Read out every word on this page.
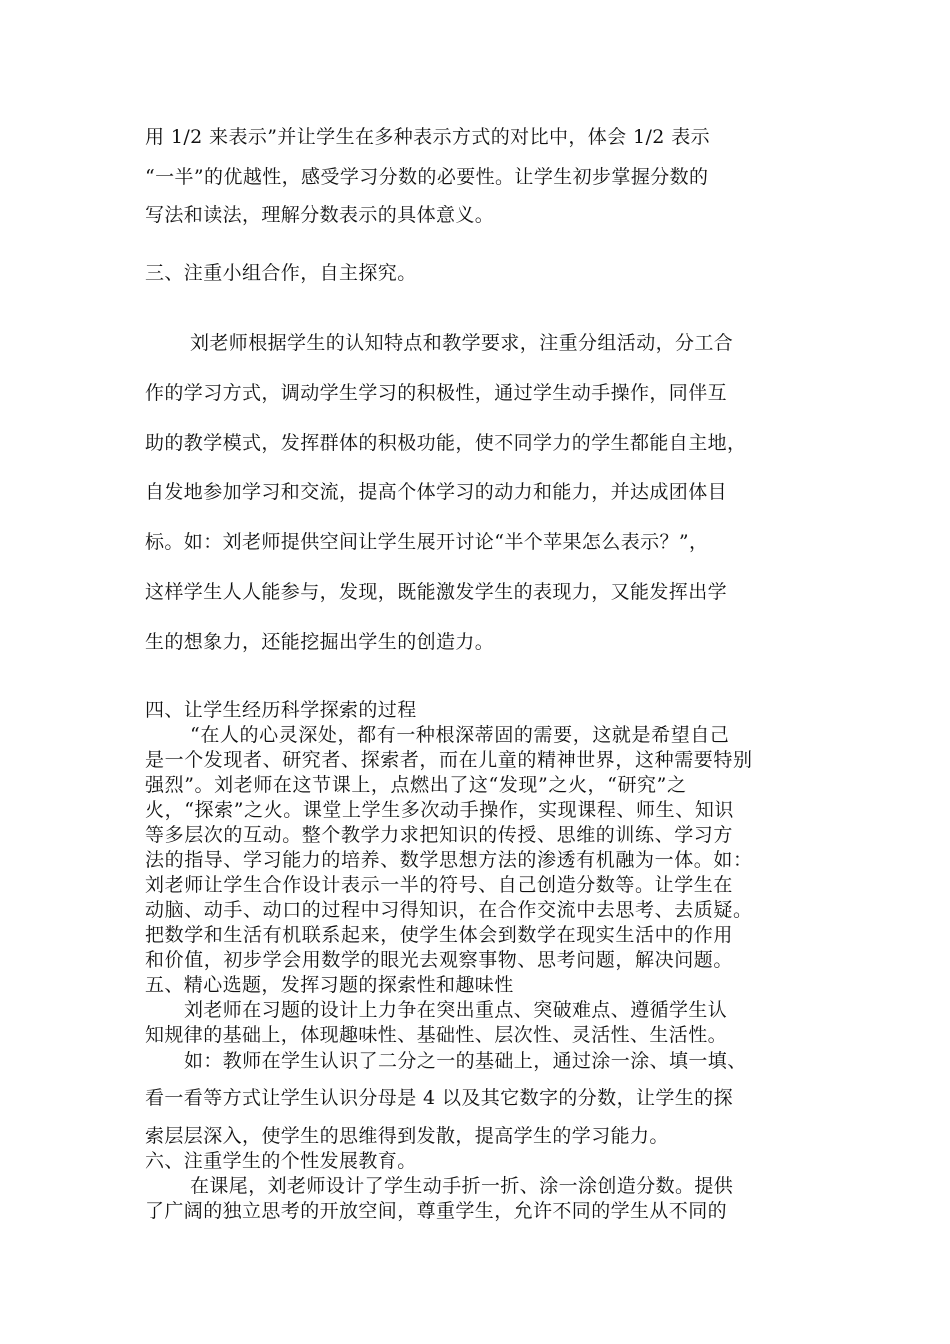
用 1/2 来表示”并让学生在多种表示方式的对比中，体会 1/2 表示
“一半”的优越性，感受学习分数的必要性。让学生初步掌握分数的
写法和读法，理解分数表示的具体意义。
三、注重小组合作，自主探究。
刘老师根据学生的认知特点和教学要求，注重分组活动，分工合
作的学习方式，调动学生学习的积极性，通过学生动手操作，同伴互
助的教学模式，发挥群体的积极功能，使不同学力的学生都能自主地，
自发地参加学习和交流，提高个体学习的动力和能力，并达成团体目
标。如：刘老师提供空间让学生展开讨论“半个苹果怎么表示？”，
这样学生人人能参与，发现，既能激发学生的表现力，又能发挥出学
生的想象力，还能挖掘出学生的创造力。
四、让学生经历科学探索的过程
“在人的心灵深处，都有一种根深蒂固的需要，这就是希望自己
是一个发现者、研究者、探索者，而在儿童的精神世界，这种需要特别
强烈”。刘老师在这节课上，点燃出了这“发现”之火，“研究”之
火，“探索”之火。课堂上学生多次动手操作，实现课程、师生、知识
等多层次的互动。整个教学力求把知识的传授、思维的训练、学习方
法的指导、学习能力的培养、数学思想方法的渗透有机融为一体。如：
刘老师让学生合作设计表示一半的符号、自己创造分数等。让学生在
动脑、动手、动口的过程中习得知识，在合作交流中去思考、去质疑。
把数学和生活有机联系起来，使学生体会到数学在现实生活中的作用
和价值，初步学会用数学的眼光去观察事物、思考问题，解决问题。
五、精心选题，发挥习题的探索性和趣味性
刘老师在习题的设计上力争在突出重点、突破难点、遵循学生认
知规律的基础上，体现趣味性、基础性、层次性、灵活性、生活性。
如：教师在学生认识了二分之一的基础上，通过涂一涂、填一填、
看一看等方式让学生认识分母是 4 以及其它数字的分数，让学生的探
索层层深入，使学生的思维得到发散，提高学生的学习能力。
六、注重学生的个性发展教育。
在课尾，刘老师设计了学生动手折一折、涂一涂创造分数。提供
了广阔的独立思考的开放空间，尊重学生，允许不同的学生从不同的
